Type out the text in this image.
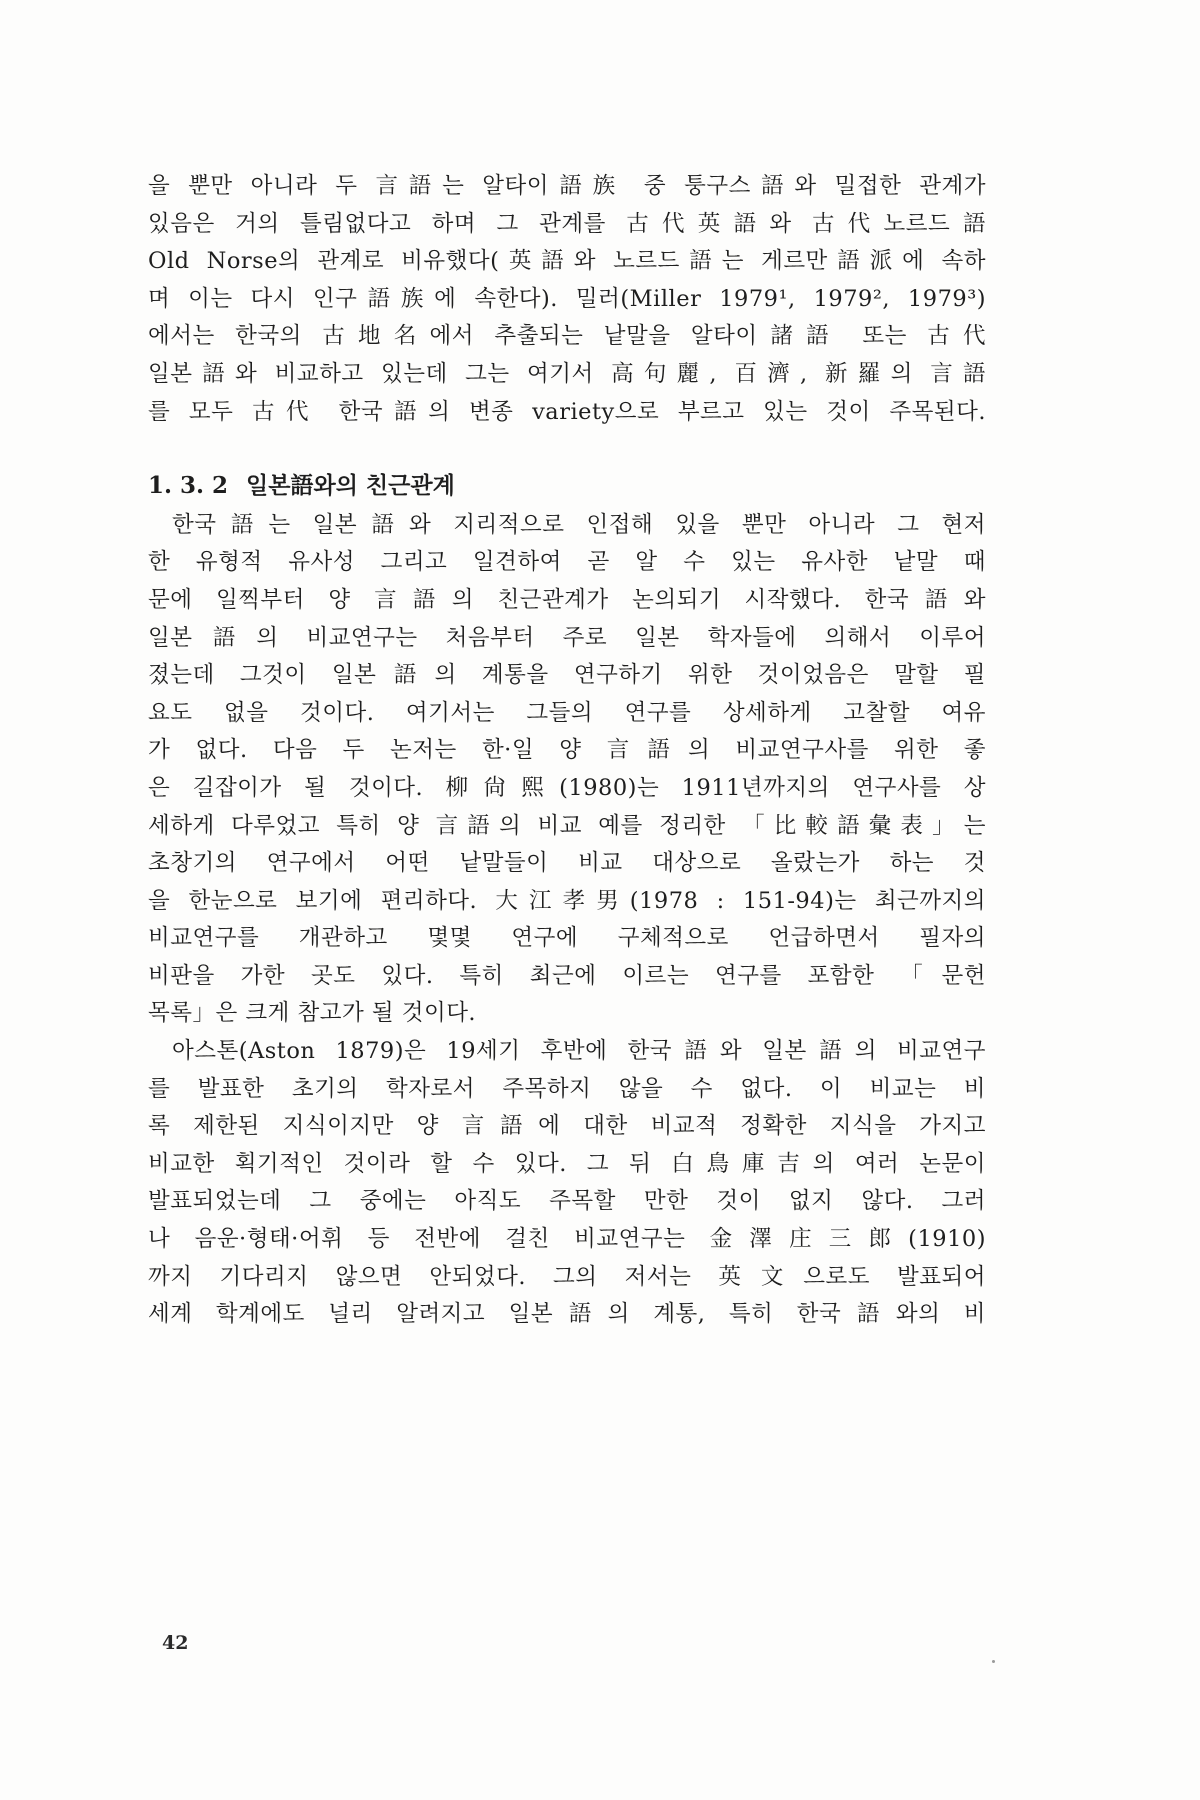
을 뿐만 아니라 두 言語는 알타이語族 중 퉁구스語와 밀접한 관계가
있음은 거의 틀림없다고 하며 그 관계를 古代英語와 古代노르드語
Old Norse의 관계로 비유했다(英語와 노르드語는 게르만語派에 속하
며 이는 다시 인구語族에 속한다). 밀러(Miller 1979¹, 1979², 1979³)
에서는 한국의 古地名에서 추출되는 낱말을 알타이諸語 또는 古代
일본語와 비교하고 있는데 그는 여기서 高句麗, 百濟, 新羅의 言語
를 모두 古代 한국語의 변종 variety으로 부르고 있는 것이 주목된다.
1. 3. 2 일본語와의 친근관계
한국語는 일본語와 지리적으로 인접해 있을 뿐만 아니라 그 현저
한 유형적 유사성 그리고 일견하여 곧 알 수 있는 유사한 낱말 때
문에 일찍부터 양 言語의 친근관계가 논의되기 시작했다. 한국語와
일본語의 비교연구는 처음부터 주로 일본 학자들에 의해서 이루어
졌는데 그것이 일본語의 계통을 연구하기 위한 것이었음은 말할 필
요도 없을 것이다. 여기서는 그들의 연구를 상세하게 고찰할 여유
가 없다. 다음 두 논저는 한·일 양 言語의 비교연구사를 위한 좋
은 길잡이가 될 것이다. 柳尙熙(1980)는 1911년까지의 연구사를 상
세하게 다루었고 특히 양 言語의 비교 예를 정리한 「比較語彙表」는
초창기의 연구에서 어떤 낱말들이 비교 대상으로 올랐는가 하는 것
을 한눈으로 보기에 편리하다. 大江孝男(1978 : 151-94)는 최근까지의
비교연구를 개관하고 몇몇 연구에 구체적으로 언급하면서 필자의
비판을 가한 곳도 있다. 특히 최근에 이르는 연구를 포함한 「문헌
목록」은 크게 참고가 될 것이다.
아스톤(Aston 1879)은 19세기 후반에 한국語와 일본語의 비교연구
를 발표한 초기의 학자로서 주목하지 않을 수 없다. 이 비교는 비
록 제한된 지식이지만 양 言語에 대한 비교적 정확한 지식을 가지고
비교한 획기적인 것이라 할 수 있다. 그 뒤 白鳥庫吉의 여러 논문이
발표되었는데 그 중에는 아직도 주목할 만한 것이 없지 않다. 그러
나 음운·형태·어휘 등 전반에 걸친 비교연구는 金澤庄三郎(1910)
까지 기다리지 않으면 안되었다. 그의 저서는 英文으로도 발표되어
세계 학계에도 널리 알려지고 일본語의 계통, 특히 한국語와의 비
42
